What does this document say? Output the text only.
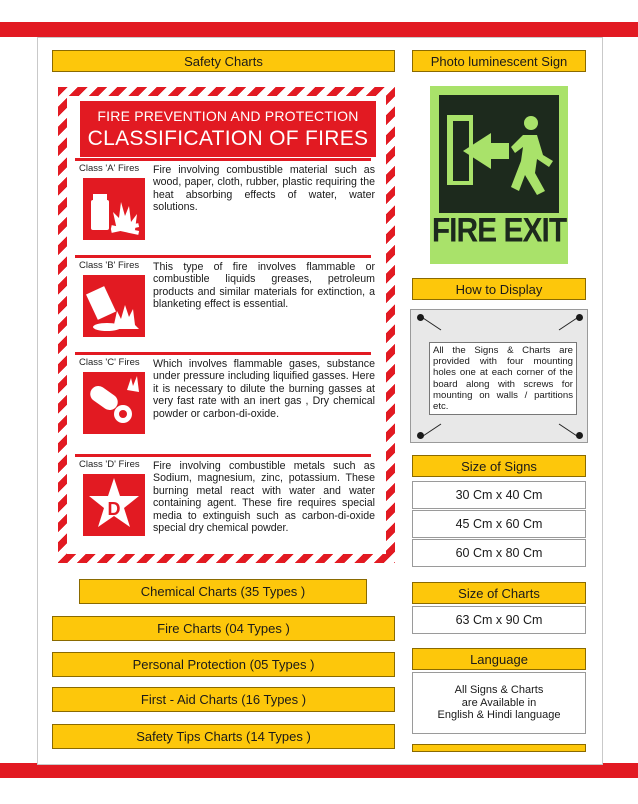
Safety Charts
FIRE PREVENTION AND PROTECTION
CLASSIFICATION OF FIRES
Class 'A' Fires Fire involving combustible material such as wood, paper, cloth, rubber, plastic requiring the heat absorbing effects of water, water solutions.
Class 'B' Fires This type of fire involves flammable or combustible liquids greases, petroleum products and similar materials for extinction, a blanketing effect is essential.
Class 'C' Fires Which involves flammable gases, substance under pressure including liquified gasses. Here it is necessary to dilute the burning gasses at very fast rate with an inert gas , Dry chemical powder or carbon-di-oxide.
Class 'D' Fires
D
Fire involving combustible metals such as Sodium, magnesium, zinc, potassium. These burning metal react with water and water containing agent. These fire requires special media to extinguish such as carbon-di-oxide special dry chemical powder.
Photo luminescent Sign
FIRE EXIT
How to Display
All the Signs & Charts are provided with four mounting holes one at each corner of the board along with screws for mounting on walls / partitions etc.
Size of Signs
30 Cm x 40 Cm
45 Cm x 60 Cm
60 Cm x 80 Cm
Size of Charts
63 Cm x 90 Cm
Language
All Signs & Charts
are Available in
English & Hindi language
Chemical Charts (35 Types )
Fire Charts (04 Types )
Personal Protection (05 Types )
First - Aid Charts (16 Types )
Safety Tips Charts (14 Types )
